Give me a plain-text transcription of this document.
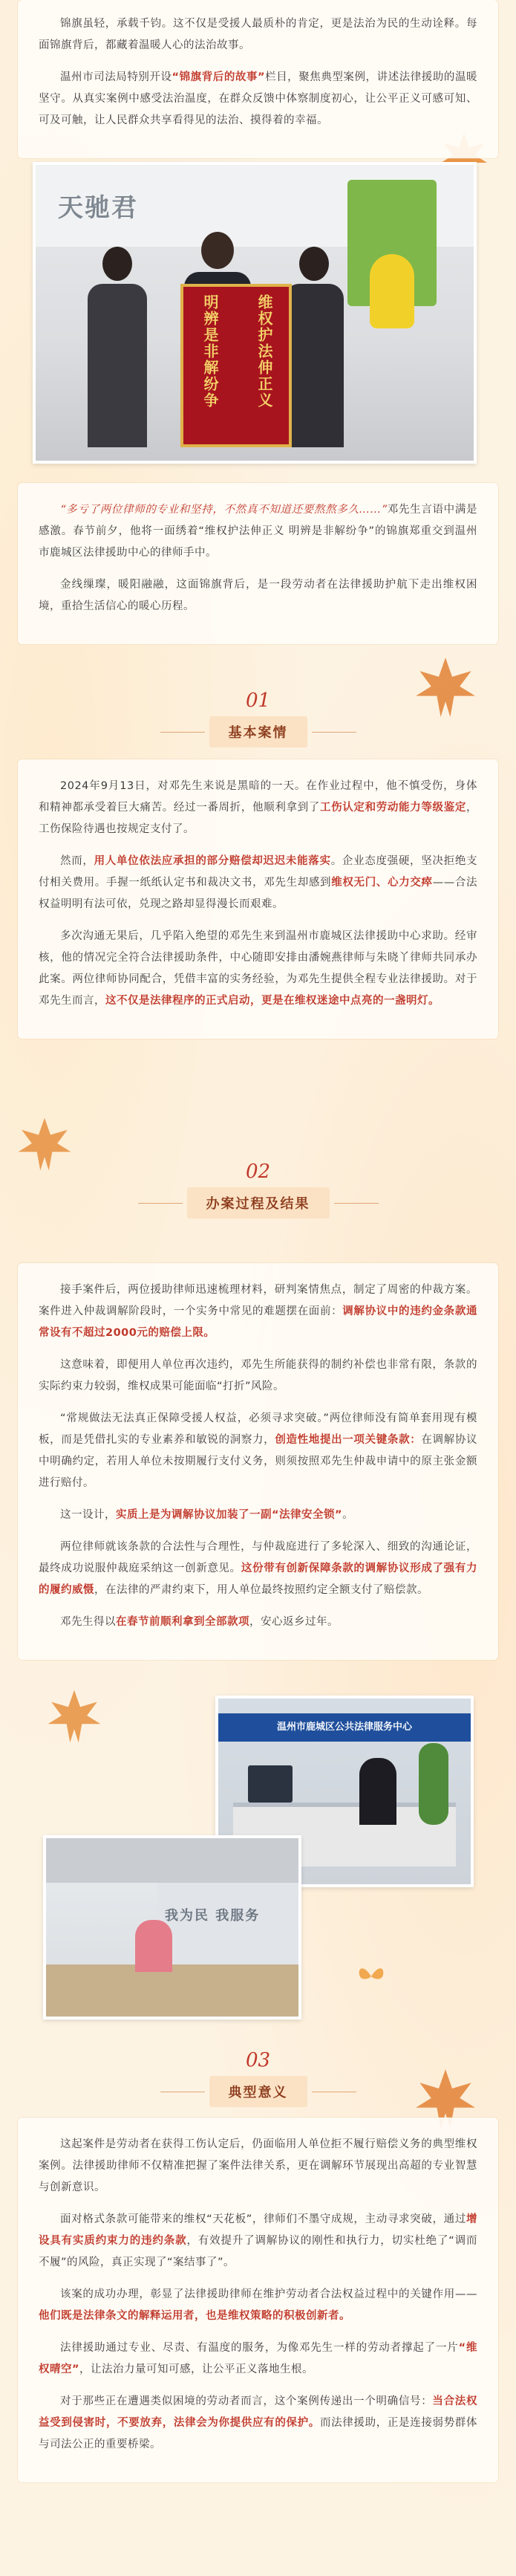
锦旗虽轻，承载千钧。这不仅是受援人最质朴的肯定，更是法治为民的生动诠释。每面锦旗背后，都藏着温暖人心的法治故事。

温州市司法局特别开设“锦旗背后的故事”栏目，聚焦典型案例，讲述法律援助的温暖坚守。从真实案例中感受法治温度，在群众反馈中体察制度初心，让公平正义可感可知、可及可触，让人民群众共享看得见的法治、摸得着的幸福。

天驰君
维权护法伸正义
明辨是非解纷争

“多亏了两位律师的专业和坚持，不然真不知道还要熬熬多久……”邓先生言语中满是感激。春节前夕，他将一面绣着“维权护法伸正义 明辨是非解纷争”的锦旗郑重交到温州市鹿城区法律援助中心的律师手中。

金线缫璨，暖阳融融，这面锦旗背后，是一段劳动者在法律援助护航下走出维权困境，重拾生活信心的暖心历程。

01
基本案情

2024年9月13日，对邓先生来说是黑暗的一天。在作业过程中，他不慎受伤，身体和精神都承受着巨大痛苦。经过一番周折，他顺利拿到了工伤认定和劳动能力等级鉴定，工伤保险待遇也按规定支付了。

然而，用人单位依法应承担的部分赔偿却迟迟未能落实。企业态度强硬，坚决拒绝支付相关费用。手握一纸纸认定书和裁决文书，邓先生却感到维权无门、心力交瘁——合法权益明明有法可依，兑现之路却显得漫长而艰难。

多次沟通无果后，几乎陷入绝望的邓先生来到温州市鹿城区法律援助中心求助。经审核，他的情况完全符合法律援助条件，中心随即安排由潘婉燕律师与朱晓丫律师共同承办此案。两位律师协同配合，凭借丰富的实务经验，为邓先生提供全程专业法律援助。对于邓先生而言，这不仅是法律程序的正式启动，更是在维权迷途中点亮的一盏明灯。

02
办案过程及结果

接手案件后，两位援助律师迅速梳理材料，研判案情焦点，制定了周密的仲裁方案。案件进入仲裁调解阶段时，一个实务中常见的难题摆在面前：调解协议中的违约金条款通常设有不超过2000元的赔偿上限。

这意味着，即便用人单位再次违约，邓先生所能获得的制约补偿也非常有限，条款的实际约束力较弱，维权成果可能面临“打折”风险。

“常规做法无法真正保障受援人权益，必须寻求突破。”两位律师没有简单套用现有模板，而是凭借扎实的专业素养和敏锐的洞察力，创造性地提出一项关键条款：在调解协议中明确约定，若用人单位未按期履行支付义务，则须按照邓先生仲裁申请中的原主张金额进行赔付。

这一设计，实质上是为调解协议加装了一副“法律安全锁”。

两位律师就该条款的合法性与合理性，与仲裁庭进行了多轮深入、细致的沟通论证，最终成功说服仲裁庭采纳这一创新意见。这份带有创新保障条款的调解协议形成了强有力的履约威慑，在法律的严肃约束下，用人单位最终按照约定全额支付了赔偿款。

邓先生得以在春节前顺利拿到全部款项，安心返乡过年。

温州市鹿城区公共法律服务中心
我为民 我服务
03
典型意义

这起案件是劳动者在获得工伤认定后，仍面临用人单位拒不履行赔偿义务的典型维权案例。法律援助律师不仅精准把握了案件法律关系，更在调解环节展现出高超的专业智慧与创新意识。

面对格式条款可能带来的维权“天花板”，律师们不墨守成规，主动寻求突破，通过增设具有实质约束力的违约条款，有效提升了调解协议的刚性和执行力，切实杜绝了“调而不履”的风险，真正实现了“案结事了”。

该案的成功办理，彰显了法律援助律师在维护劳动者合法权益过程中的关键作用——他们既是法律条文的解释运用者，也是维权策略的积极创新者。

法律援助通过专业、尽责、有温度的服务，为像邓先生一样的劳动者撑起了一片“维权晴空”，让法治力量可知可感，让公平正义落地生根。

对于那些正在遭遇类似困境的劳动者而言，这个案例传递出一个明确信号：当合法权益受到侵害时，不要放弃，法律会为你提供应有的保护。而法律援助，正是连接弱势群体与司法公正的重要桥梁。
